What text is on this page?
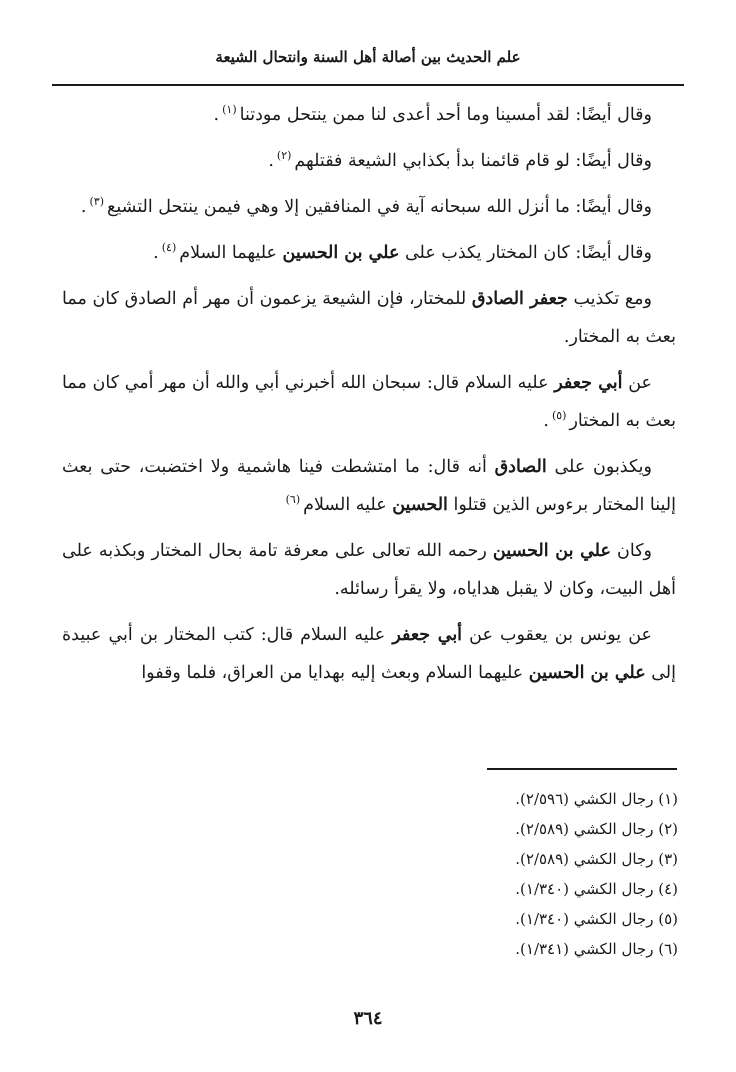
علم الحديث بين أصالة أهل السنة وانتحال الشيعة

وقال أيضًا: لقد أمسينا وما أحد أعدى لنا ممن ينتحل مودتنا$^{(١)}$.

وقال أيضًا: لو قام قائمنا بدأ بكذابي الشيعة فقتلهم$^{(٢)}$.

وقال أيضًا: ما أنزل الله سبحانه آية في المنافقين إلا وهي فيمن ينتحل التشيع$^{(٣)}$.

وقال أيضًا: كان المختار يكذب على علي بن الحسين عليهما السلام$^{(٤)}$.

ومع تكذيب جعفر الصادق للمختار، فإن الشيعة يزعمون أن مهر أم الصادق كان مما بعث به المختار.

عن أبي جعفر عليه السلام قال: سبحان الله أخبرني أبي والله أن مهر أمي كان مما بعث به المختار$^{(٥)}$.

ويكذبون على الصادق أنه قال: ما امتشطت فينا هاشمية ولا اختضبت، حتى بعث إلينا المختار برءوس الذين قتلوا الحسين عليه السلام$^{(٦)}$

وكان علي بن الحسين رحمه الله تعالى على معرفة تامة بحال المختار وبكذبه على أهل البيت، وكان لا يقبل هداياه، ولا يقرأ رسائله.

عن يونس بن يعقوب عن أبي جعفر عليه السلام قال: كتب المختار بن أبي عبيدة إلى علي بن الحسين عليهما السلام وبعث إليه بهدايا من العراق، فلما وقفوا

(١) رجال الكشي (٢/٥٩٦).

(٢) رجال الكشي (٢/٥٨٩).

(٣) رجال الكشي (٢/٥٨٩).

(٤) رجال الكشي (١/٣٤٠).

(٥) رجال الكشي (١/٣٤٠).

(٦) رجال الكشي (١/٣٤١).

٣٦٤
